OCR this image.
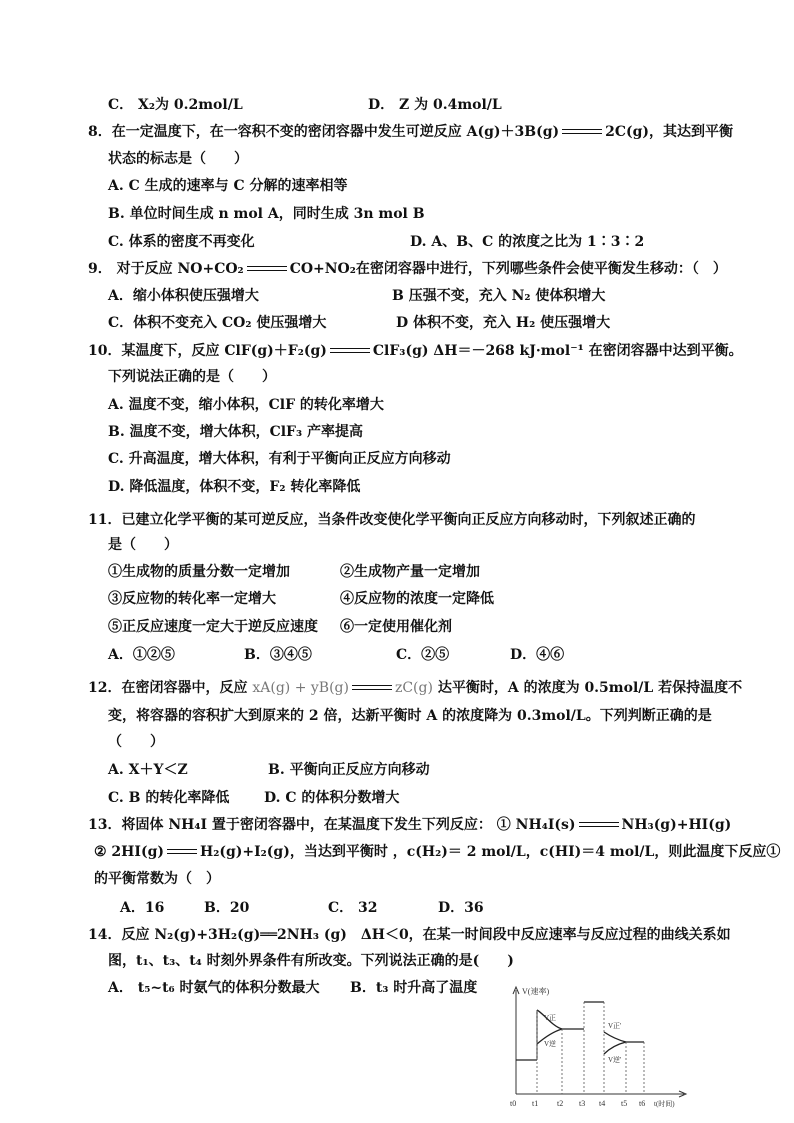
C． X₂为 0.2mol/L	D． Z 为 0.4mol/L
8．在一定温度下，在一容积不变的密闭容器中发生可逆反应 A(g)＋3B(g)	2C(g)，其达到平衡
状态的标志是（　　）
A. C 生成的速率与 C 分解的速率相等
B. 单位时间生成 n mol A，同时生成 3n mol B
C. 体系的密度不再变化	D. A、B、C 的浓度之比为 1∶3∶2
9． 对于反应 NO+CO₂	CO+NO₂在密闭容器中进行，下列哪些条件会使平衡发生移动：（　）
A．缩小体积使压强增大	B 压强不变，充入 N₂ 使体积增大
C．体积不变充入 CO₂ 使压强增大	D 体积不变，充入 H₂ 使压强增大
10．某温度下，反应 ClF(g)＋F₂(g)	ClF₃(g) ΔH＝－268 kJ·mol⁻¹ 在密闭容器中达到平衡。
下列说法正确的是（　　）
A. 温度不变，缩小体积，ClF 的转化率增大
B. 温度不变，增大体积，ClF₃ 产率提高
C. 升高温度，增大体积，有利于平衡向正反应方向移动
D. 降低温度，体积不变，F₂ 转化率降低
11．已建立化学平衡的某可逆反应，当条件改变使化学平衡向正反应方向移动时，下列叙述正确的
是（　　）
①生成物的质量分数一定增加	②生成物产量一定增加
③反应物的转化率一定增大	④反应物的浓度一定降低
⑤正反应速度一定大于逆反应速度 ⑥一定使用催化剂
A．①②⑤	B．③④⑤	C．②⑤	D．④⑥
12．在密闭容器中，反应 xA(g) + yB(g)	zC(g) 达平衡时，A 的浓度为 0.5mol/L 若保持温度不
变，将容器的容积扩大到原来的 2 倍，达新平衡时 A 的浓度降为 0.3mol/L。下列判断正确的是
（　　）
A. X＋Y＜Z	B. 平衡向正反应方向移动
C. B 的转化率降低 D. C 的体积分数增大
13．将固体 NH₄I 置于密闭容器中，在某温度下发生下列反应： ① NH₄I(s)	NH₃(g)+HI(g)
② 2HI(g)	H₂(g)+I₂(g)，当达到平衡时 ，c(H₂)＝ 2 mol/L，c(HI)＝4 mol/L，则此温度下反应①
的平衡常数为（　）
A．16	B．20	C． 32	D．36
14．反应 N₂(g)+3H₂(g)══2NH₃ (g)　ΔH＜0，在某一时间段中反应速率与反应过程的曲线关系如
图，t₁、t₃、t₄ 时刻外界条件有所改变。下列说法正确的是(　　)
A． t₅~t₆ 时氨气的体积分数最大 B．t₃ 时升高了温度	V(速率)
V正
V逆
V正'
V逆'
t0 t1 t2 t3 t4 t5 t6 t(时间)
